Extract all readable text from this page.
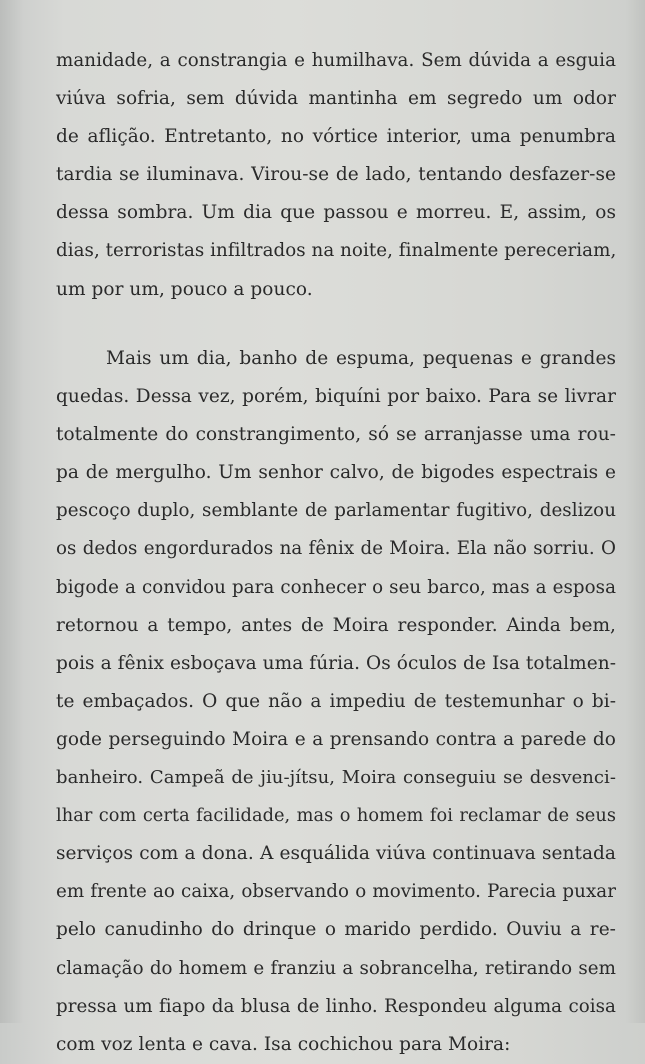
manidade, a constrangia e humilhava. Sem dúvida a esguia
viúva sofria, sem dúvida mantinha em segredo um odor
de aflição. Entretanto, no vórtice interior, uma penumbra
tardia se iluminava. Virou-se de lado, tentando desfazer-se
dessa sombra. Um dia que passou e morreu. E, assim, os
dias, terroristas infiltrados na noite, finalmente pereceriam,
um por um, pouco a pouco.

Mais um dia, banho de espuma, pequenas e grandes
quedas. Dessa vez, porém, biquíni por baixo. Para se livrar
totalmente do constrangimento, só se arranjasse uma rou-
pa de mergulho. Um senhor calvo, de bigodes espectrais e
pescoço duplo, semblante de parlamentar fugitivo, deslizou
os dedos engordurados na fênix de Moira. Ela não sorriu. O
bigode a convidou para conhecer o seu barco, mas a esposa
retornou a tempo, antes de Moira responder. Ainda bem,
pois a fênix esboçava uma fúria. Os óculos de Isa totalmen-
te embaçados. O que não a impediu de testemunhar o bi-
gode perseguindo Moira e a prensando contra a parede do
banheiro. Campeã de jiu-jítsu, Moira conseguiu se desvenci-
lhar com certa facilidade, mas o homem foi reclamar de seus
serviços com a dona. A esquálida viúva continuava sentada
em frente ao caixa, observando o movimento. Parecia puxar
pelo canudinho do drinque o marido perdido. Ouviu a re-
clamação do homem e franziu a sobrancelha, retirando sem
pressa um fiapo da blusa de linho. Respondeu alguma coisa
com voz lenta e cava. Isa cochichou para Moira:
